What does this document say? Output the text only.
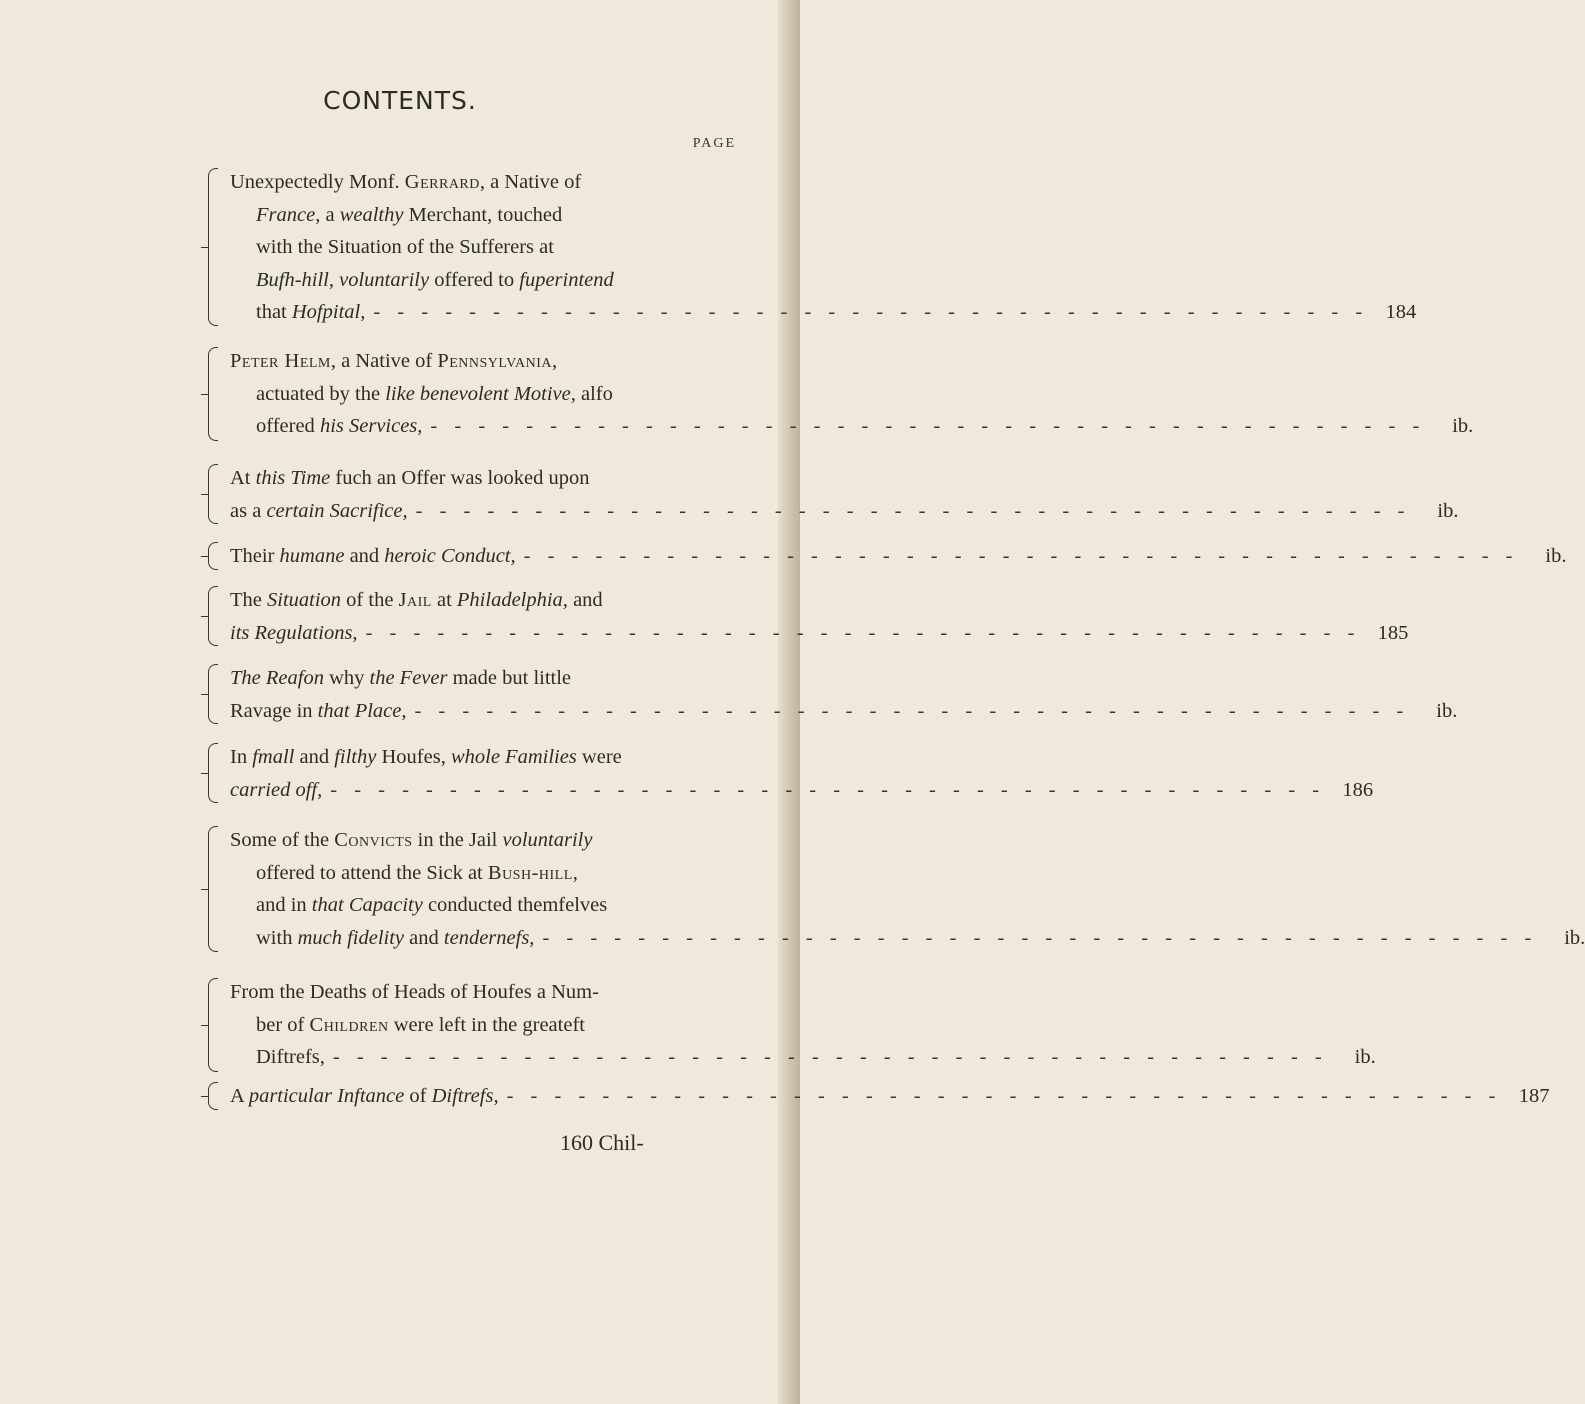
CONTENTS.
PAGE
Unexpectedly Monf. Gerrard, a Native of
France, a wealthy Merchant, touched
with the Situation of the Sufferers at
Bufh-hill, voluntarily offered to fuperintend
that Hofpital, - - - - - - - - - - - - - - - - - - - - - - - - - - - - - - - - - - - - - - - - - - 184
Peter Helm, a Native of Pennsylvania,
actuated by the like benevolent Motive, alfo
offered his Services, - - - - - - - - - - - - - - - - - - - - - - - - - - - - - - - - - - - - - - - - - -	ib.
At this Time fuch an Offer was looked upon
as a certain Sacrifice, - - - - - - - - - - - - - - - - - - - - - - - - - - - - - - - - - - - - - - - - - -	ib.
Their humane and heroic Conduct, - - - - - - - - - - - - - - - - - - - - - - - - - - - - - - - - - - - - - - - - - -	ib.
The Situation of the Jail at Philadelphia, and
its Regulations, - - - - - - - - - - - - - - - - - - - - - - - - - - - - - - - - - - - - - - - - - - 185
The Reafon why the Fever made but little
Ravage in that Place, - - - - - - - - - - - - - - - - - - - - - - - - - - - - - - - - - - - - - - - - - -	ib.
In fmall and filthy Houfes, whole Families were
carried off, - - - - - - - - - - - - - - - - - - - - - - - - - - - - - - - - - - - - - - - - - - 186
Some of the Convicts in the Jail voluntarily
offered to attend the Sick at Bush-hill,
and in that Capacity conducted themfelves
with much fidelity and tendernefs, - - - - - - - - - - - - - - - - - - - - - - - - - - - - - - - - - - - - - - - - - -	ib.
From the Deaths of Heads of Houfes a Num-
ber of Children were left in the greateft
Diftrefs, - - - - - - - - - - - - - - - - - - - - - - - - - - - - - - - - - - - - - - - - - -	ib.
A particular Inftance of Diftrefs, - - - - - - - - - - - - - - - - - - - - - - - - - - - - - - - - - - - - - - - - - - 187
160 Chil-
